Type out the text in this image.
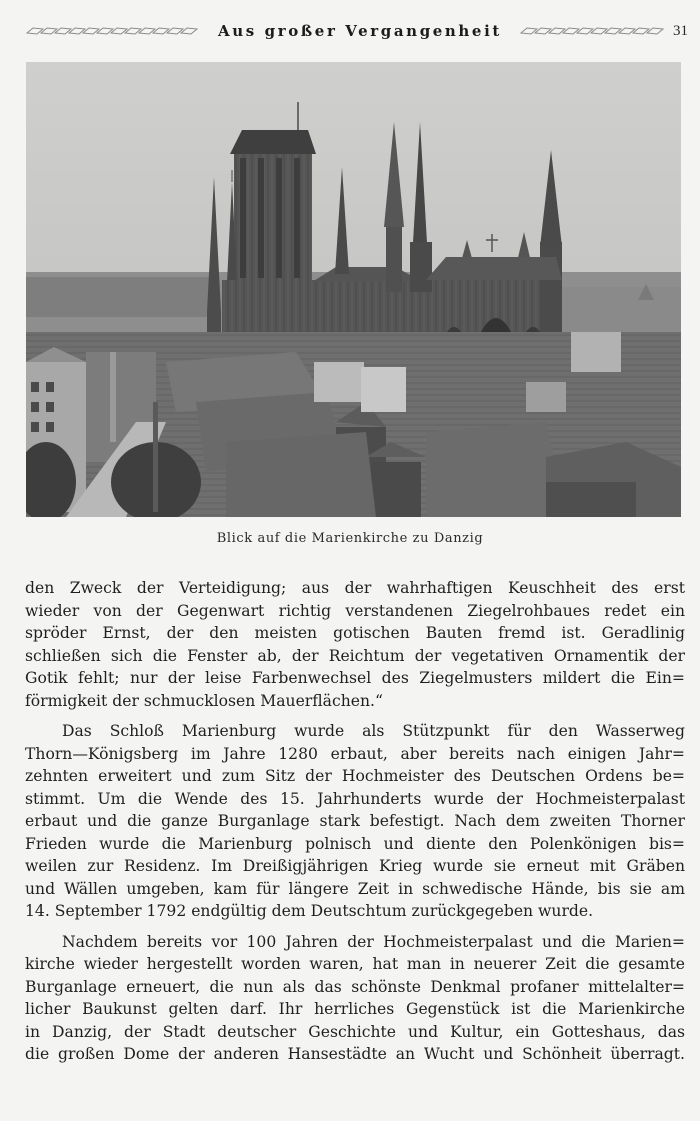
Aus großer Vergangenheit	31
Blick auf die Marienkirche zu Danzig
den Zweck der Verteidigung; aus der wahrhaftigen Keuschheit des erst
wieder von der Gegenwart richtig verstandenen Ziegelrohbaues redet ein
spröder Ernst, der den meisten gotischen Bauten fremd ist. Geradlinig
schließen sich die Fenster ab, der Reichtum der vegetativen Ornamentik der
Gotik fehlt; nur der leise Farbenwechsel des Ziegelmusters mildert die Ein=
förmigkeit der schmucklosen Mauerflächen.“
Das Schloß Marienburg wurde als Stützpunkt für den Wasserweg
Thorn—Königsberg im Jahre 1280 erbaut, aber bereits nach einigen Jahr=
zehnten erweitert und zum Sitz der Hochmeister des Deutschen Ordens be=
stimmt. Um die Wende des 15. Jahrhunderts wurde der Hochmeisterpalast
erbaut und die ganze Burganlage stark befestigt. Nach dem zweiten Thorner
Frieden wurde die Marienburg polnisch und diente den Polenkönigen bis=
weilen zur Residenz. Im Dreißigjährigen Krieg wurde sie erneut mit Gräben
und Wällen umgeben, kam für längere Zeit in schwedische Hände, bis sie am
14. September 1792 endgültig dem Deutschtum zurückgegeben wurde.
Nachdem bereits vor 100 Jahren der Hochmeisterpalast und die Marien=
kirche wieder hergestellt worden waren, hat man in neuerer Zeit die gesamte
Burganlage erneuert, die nun als das schönste Denkmal profaner mittelalter=
licher Baukunst gelten darf. Ihr herrliches Gegenstück ist die Marienkirche
in Danzig, der Stadt deutscher Geschichte und Kultur, ein Gotteshaus, das
die großen Dome der anderen Hansestädte an Wucht und Schönheit überragt.
